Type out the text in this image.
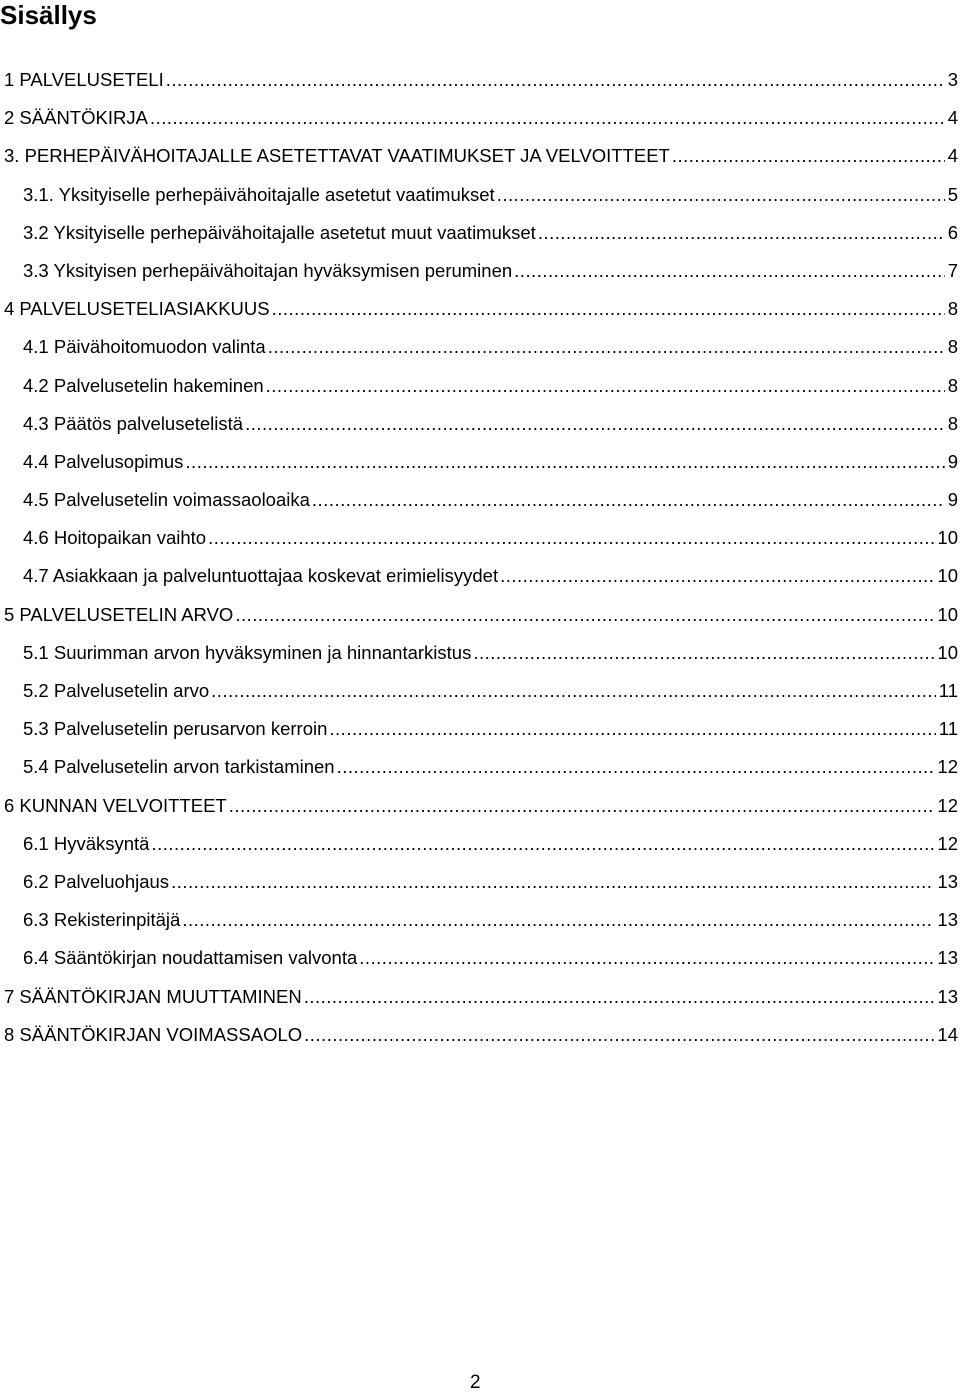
Sisällys
1 PALVELUSETELI .....	3
2 SÄÄNTÖKIRJA .....	4
3. PERHEPÄIVÄHOITAJALLE ASETETTAVAT VAATIMUKSET JA VELVOITTEET .....	4
3.1. Yksityiselle perhepäivähoitajalle asetetut vaatimukset .....	5
3.2 Yksityiselle perhepäivähoitajalle asetetut muut vaatimukset .....	6
3.3 Yksityisen perhepäivähoitajan hyväksymisen peruminen .....	7
4 PALVELUSETELIASIAKKUUS .....	8
4.1 Päivähoitomuodon valinta .....	8
4.2 Palvelusetelin hakeminen .....	8
4.3 Päätös palvelusetelistä .....	8
4.4 Palvelusopimus .....	9
4.5 Palvelusetelin voimassaoloaika .....	9
4.6 Hoitopaikan vaihto .....	10
4.7 Asiakkaan ja palveluntuottajaa koskevat erimielisyydet .....	10
5 PALVELUSETELIN ARVO .....	10
5.1 Suurimman arvon hyväksyminen ja hinnantarkistus .....	10
5.2 Palvelusetelin arvo .....	11
5.3 Palvelusetelin perusarvon kerroin .....	11
5.4 Palvelusetelin arvon tarkistaminen .....	12
6 KUNNAN VELVOITTEET .....	12
6.1 Hyväksyntä .....	12
6.2 Palveluohjaus .....	13
6.3 Rekisterinpitäjä .....	13
6.4 Sääntökirjan noudattamisen valvonta .....	13
7 SÄÄNTÖKIRJAN MUUTTAMINEN .....	13
8 SÄÄNTÖKIRJAN VOIMASSAOLO .....	14
2
